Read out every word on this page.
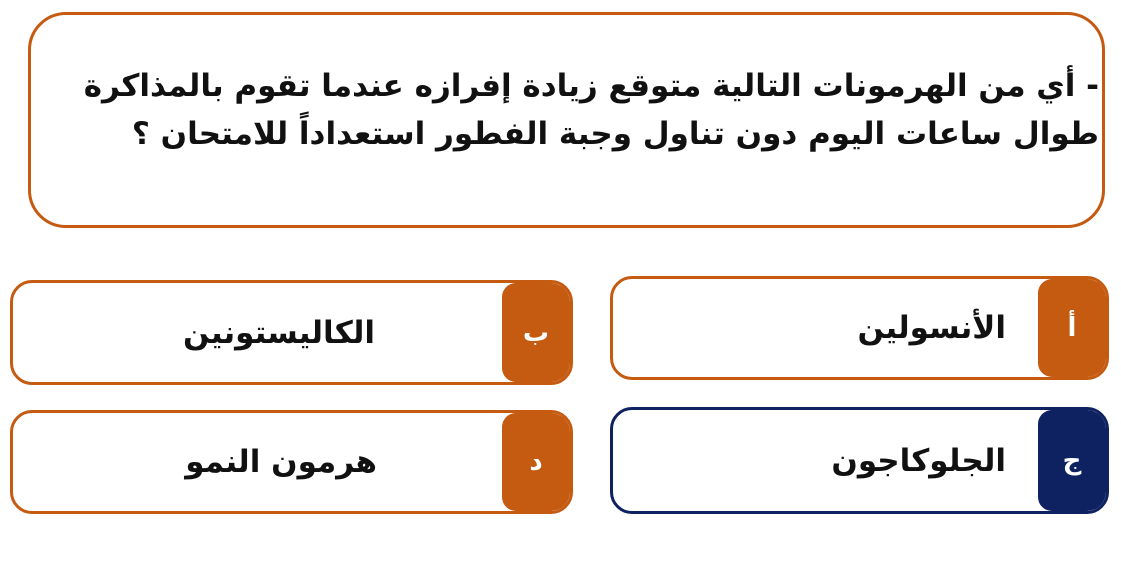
- أي من الهرمونات التالية متوقع زيادة إفرازه عندما تقوم بالمذاكرة طوال ساعات اليوم دون تناول وجبة الفطور استعداداً للامتحان ؟

أ
الأنسولين
ب
الكاليستونين
ج
الجلوكاجون
د
هرمون النمو
